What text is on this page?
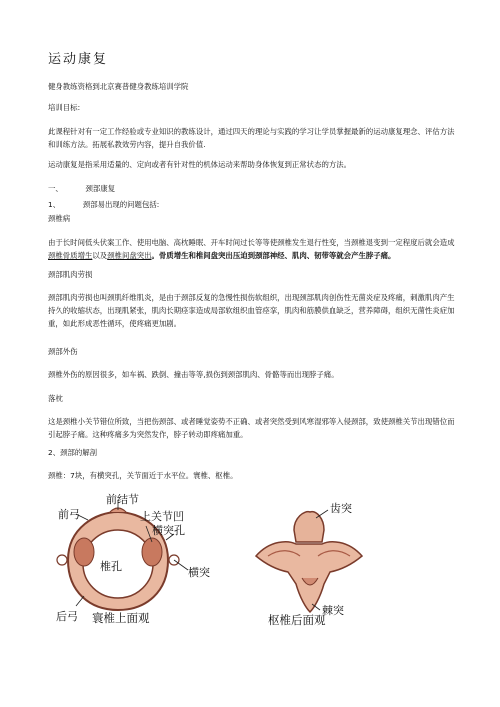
运动康复
健身教练资格到北京赛普健身教练培训学院
培训目标:
此课程针对有一定工作经验或专业知识的教练设计，通过四天的理论与实践的学习让学员掌握最新的运动康复理念、评估方法和训练方法。拓展私教效劳内容，提升自我价值.
运动康复是指采用适量的、定向或者有针对性的机体运动来帮助身体恢复到正常状态的方法。
一、	颈部康复
1、	颈部易出现的问题包括:
颈椎病
由于长时间低头伏案工作、使用电脑、高枕睡眠、开车时间过长等等使颈椎发生退行性变，当颈椎退变到一定程度后就会造成颈椎骨质增生以及颈椎间盘突出。骨质增生和椎间盘突出压迫到颈部神经、肌肉、韧带等就会产生脖子痛。
颈部肌肉劳损
颈部肌肉劳损也叫颈肌纤维肌炎，是由于颈部反复的急慢性损伤软组织，出现颈部肌肉创伤性无菌炎症及疼痛，刺激肌肉产生持久的收缩状态，出现肌紧张，肌肉长期痉挛造成局部软组织血管痉挛，肌肉和筋膜供血缺乏，营养障碍，组织无菌性炎症加重，如此形成恶性循环，使疼痛更加剧。
颈部外伤
颈椎外伤的原因很多，如车祸、跌倒、撞击等等,损伤到颈部肌肉、骨骼等而出现脖子痛。
落枕
这是颈椎小关节错位所致，当把伤颈部、或者睡觉姿势不正确、或者突然受到风寒湿邪等入侵颈部，致使颈椎关节出现错位而引起脖子痛。这种疼痛多为突然发作，脖子转动即疼痛加重。
2、颈部的解剖
颈椎：7块，有横突孔，关节面近于水平位。寰椎、枢椎。
前结节
前弓	上关节凹
横突孔
椎孔	横突
后弓 寰椎上面观
齿突
棘突
枢椎后面观
